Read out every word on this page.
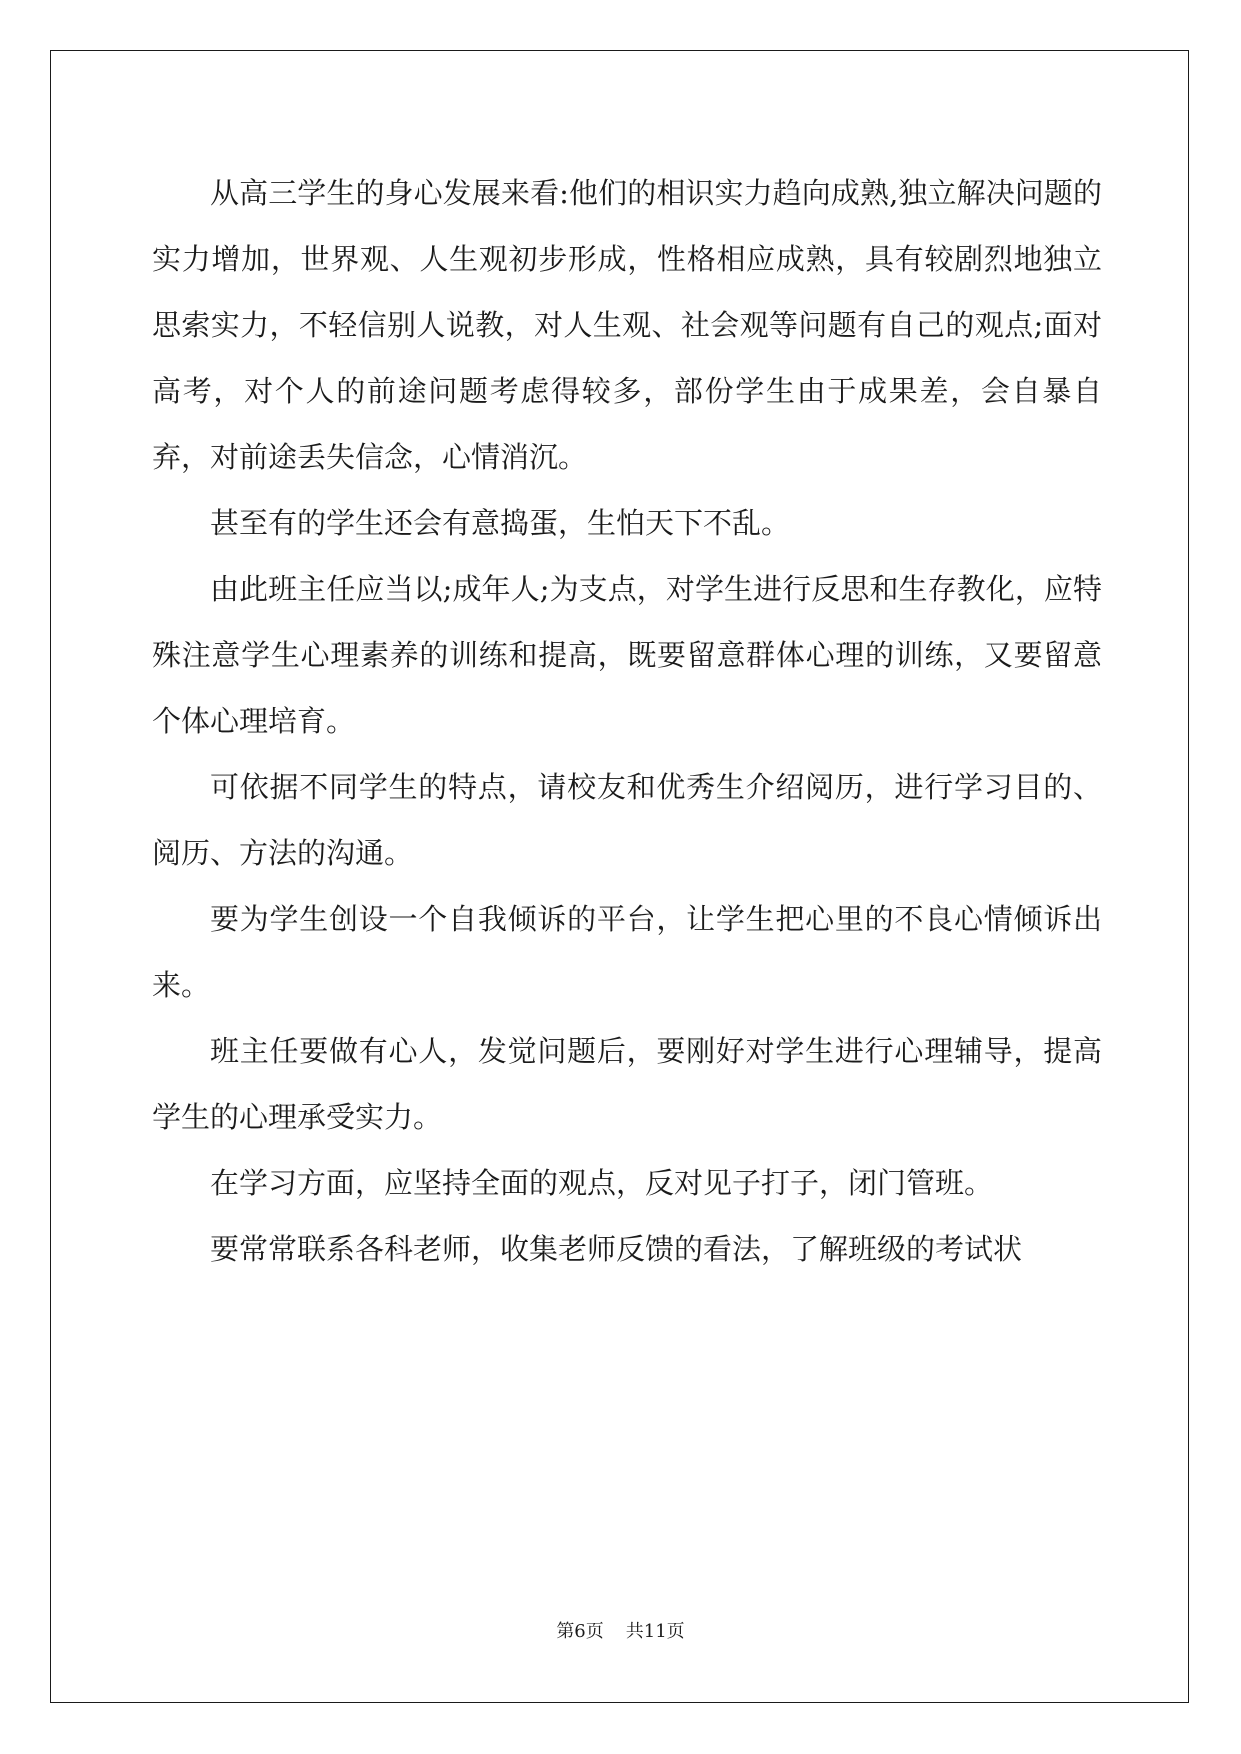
从高三学生的身心发展来看:他们的相识实力趋向成熟,独立解决问题的实力增加，世界观、人生观初步形成，性格相应成熟，具有较剧烈地独立思索实力，不轻信别人说教，对人生观、社会观等问题有自己的观点;面对高考，对个人的前途问题考虑得较多，部份学生由于成果差，会自暴自弃，对前途丢失信念，心情消沉。

甚至有的学生还会有意捣蛋，生怕天下不乱。

由此班主任应当以;成年人;为支点，对学生进行反思和生存教化，应特殊注意学生心理素养的训练和提高，既要留意群体心理的训练，又要留意个体心理培育。

可依据不同学生的特点，请校友和优秀生介绍阅历，进行学习目的、阅历、方法的沟通。

要为学生创设一个自我倾诉的平台，让学生把心里的不良心情倾诉出来。

班主任要做有心人，发觉问题后，要刚好对学生进行心理辅导，提高学生的心理承受实力。

在学习方面，应坚持全面的观点，反对见子打子，闭门管班。

要常常联系各科老师，收集老师反馈的看法，了解班级的考试状

第6页 共11页
